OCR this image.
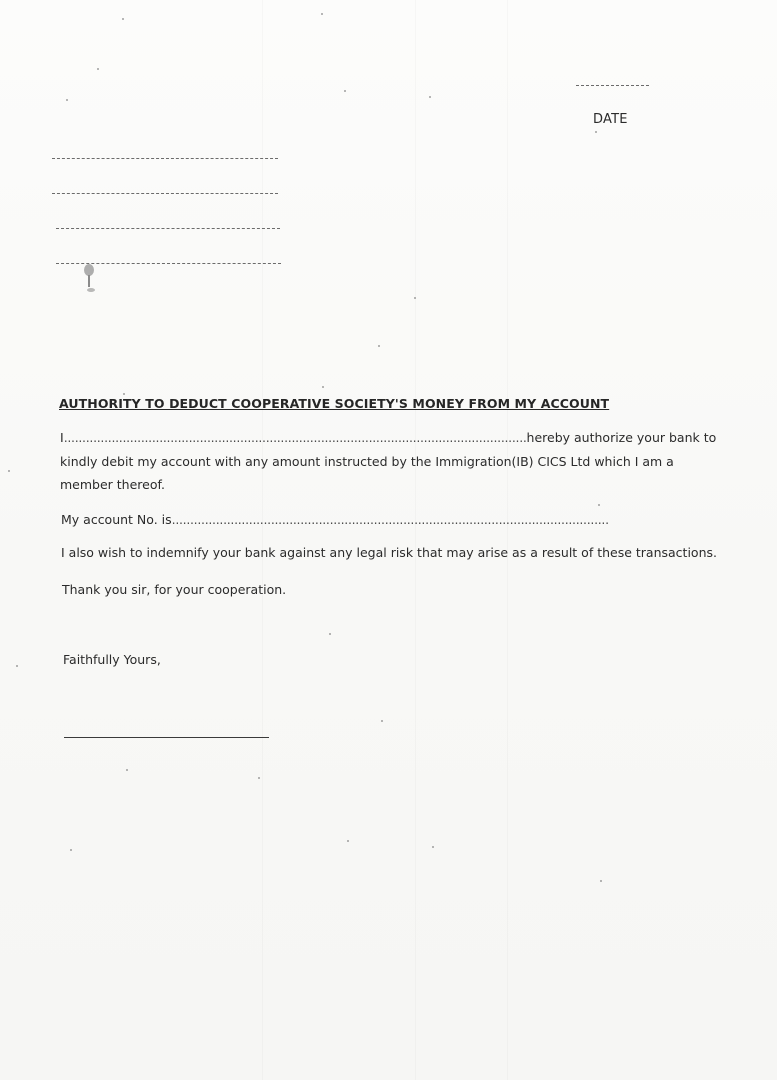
DATE
AUTHORITY TO DEDUCT COOPERATIVE SOCIETY'S MONEY FROM MY ACCOUNT
I..............................................................................................................................hereby authorize your bank to
kindly debit my account with any amount instructed by the Immigration(IB) CICS Ltd which I am a
member thereof.
My account No. is.......................................................................................................................
I also wish to indemnify your bank against any legal risk that may arise as a result of these transactions.
Thank you sir, for your cooperation.
Faithfully Yours,
